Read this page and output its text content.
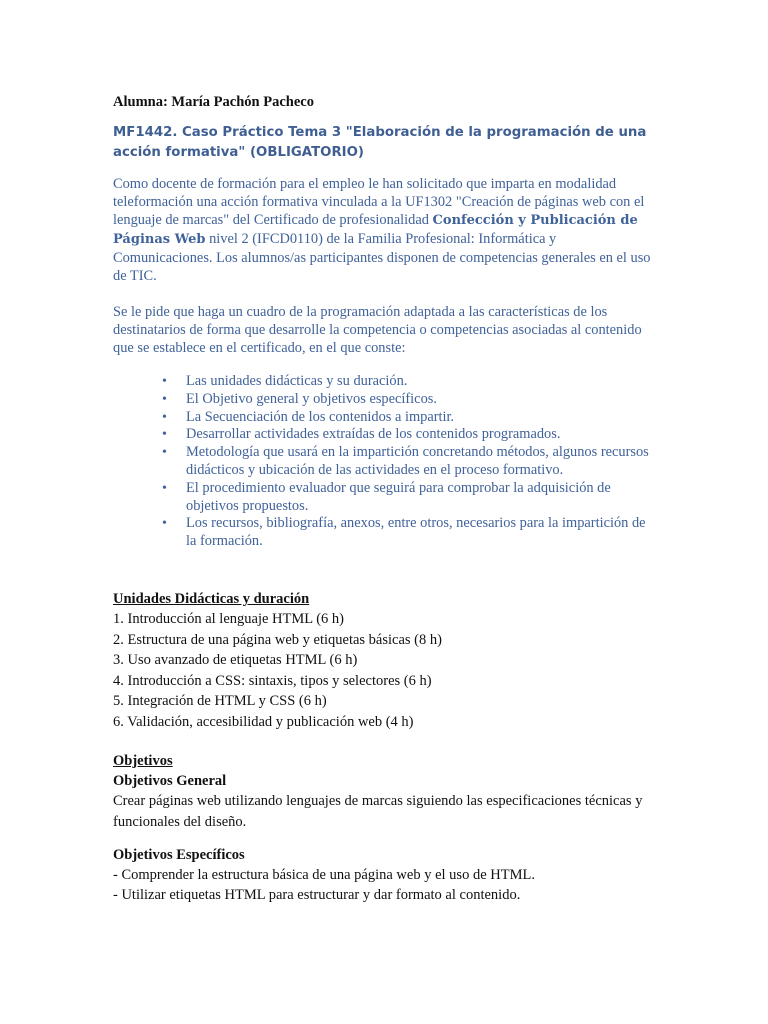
Alumna: María Pachón Pacheco

MF1442. Caso Práctico Tema 3 "Elaboración de la programación de una acción formativa" (OBLIGATORIO)

Como docente de formación para el empleo le han solicitado que imparta en modalidad teleformación una acción formativa vinculada a la UF1302 "Creación de páginas web con el lenguaje de marcas" del Certificado de profesionalidad Confección y Publicación de Páginas Web nivel 2 (IFCD0110) de la Familia Profesional: Informática y Comunicaciones. Los alumnos/as participantes disponen de competencias generales en el uso de TIC.

Se le pide que haga un cuadro de la programación adaptada a las características de los destinatarios de forma que desarrolle la competencia o competencias asociadas al contenido que se establece en el certificado, en el que conste:

• Las unidades didácticas y su duración.
• El Objetivo general y objetivos específicos.
• La Secuenciación de los contenidos a impartir.
• Desarrollar actividades extraídas de los contenidos programados.
• Metodología que usará en la impartición concretando métodos, algunos recursos didácticos y ubicación de las actividades en el proceso formativo.
• El procedimiento evaluador que seguirá para comprobar la adquisición de objetivos propuestos.
• Los recursos, bibliografía, anexos, entre otros, necesarios para la impartición de la formación.

Unidades Didácticas y duración

1. Introducción al lenguaje HTML (6 h)
2. Estructura de una página web y etiquetas básicas (8 h)
3. Uso avanzado de etiquetas HTML (6 h)
4. Introducción a CSS: sintaxis, tipos y selectores (6 h)
5. Integración de HTML y CSS (6 h)
6. Validación, accesibilidad y publicación web (4 h)

Objetivos

Objetivos General

Crear páginas web utilizando lenguajes de marcas siguiendo las especificaciones técnicas y funcionales del diseño.

Objetivos Específicos

- Comprender la estructura básica de una página web y el uso de HTML.
- Utilizar etiquetas HTML para estructurar y dar formato al contenido.
